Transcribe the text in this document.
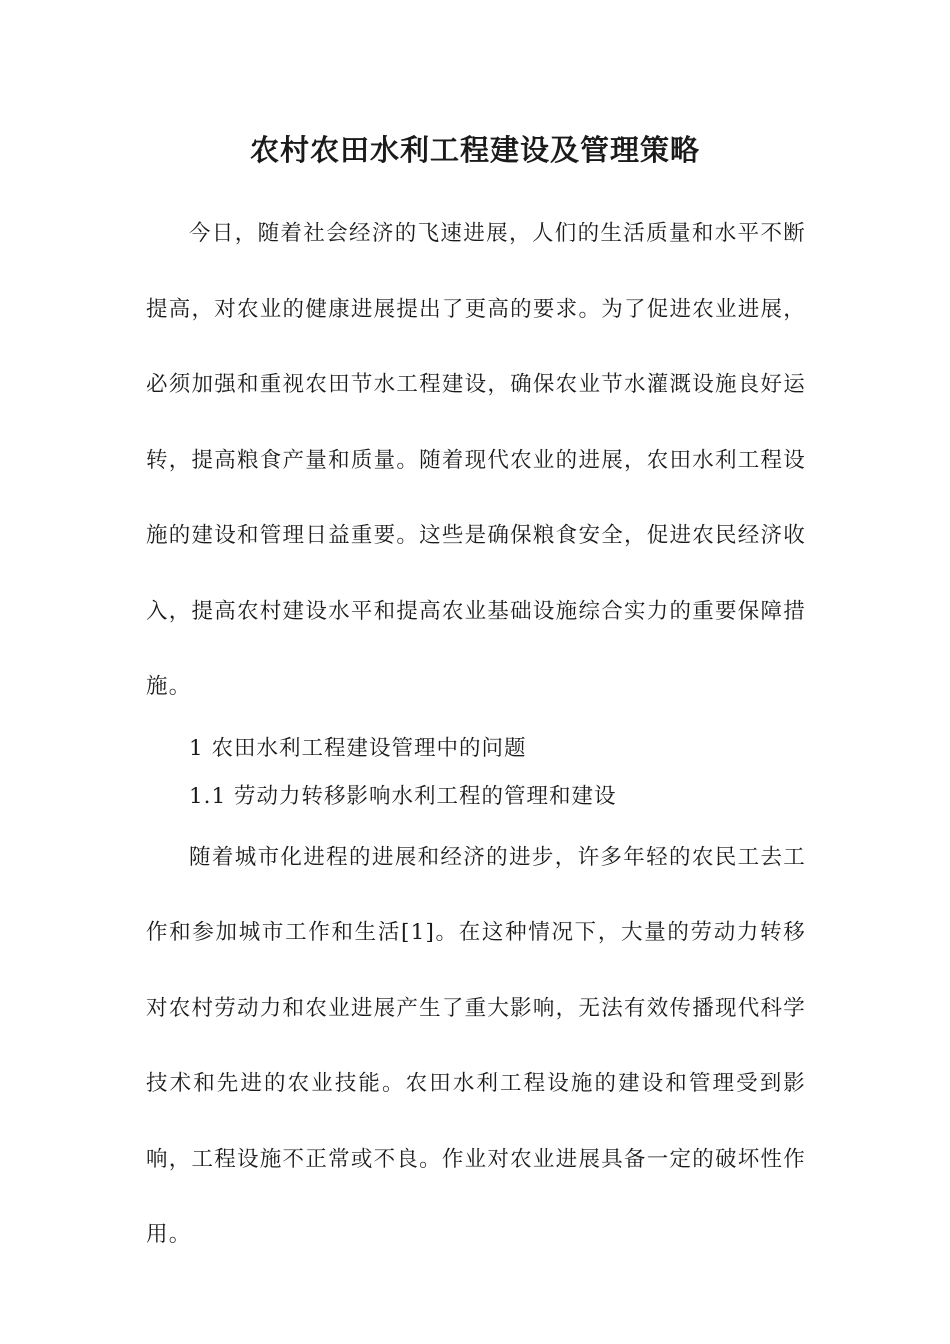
农村农田水利工程建设及管理策略

今日，随着社会经济的飞速进展，人们的生活质量和水平不断提高，对农业的健康进展提出了更高的要求。为了促进农业进展，必须加强和重视农田节水工程建设，确保农业节水灌溉设施良好运转，提高粮食产量和质量。随着现代农业的进展，农田水利工程设施的建设和管理日益重要。这些是确保粮食安全，促进农民经济收入，提高农村建设水平和提高农业基础设施综合实力的重要保障措施。

1 农田水利工程建设管理中的问题

1.1 劳动力转移影响水利工程的管理和建设

随着城市化进程的进展和经济的进步，许多年轻的农民工去工作和参加城市工作和生活[1]。在这种情况下，大量的劳动力转移对农村劳动力和农业进展产生了重大影响，无法有效传播现代科学技术和先进的农业技能。农田水利工程设施的建设和管理受到影响，工程设施不正常或不良。作业对农业进展具备一定的破坏性作用。
